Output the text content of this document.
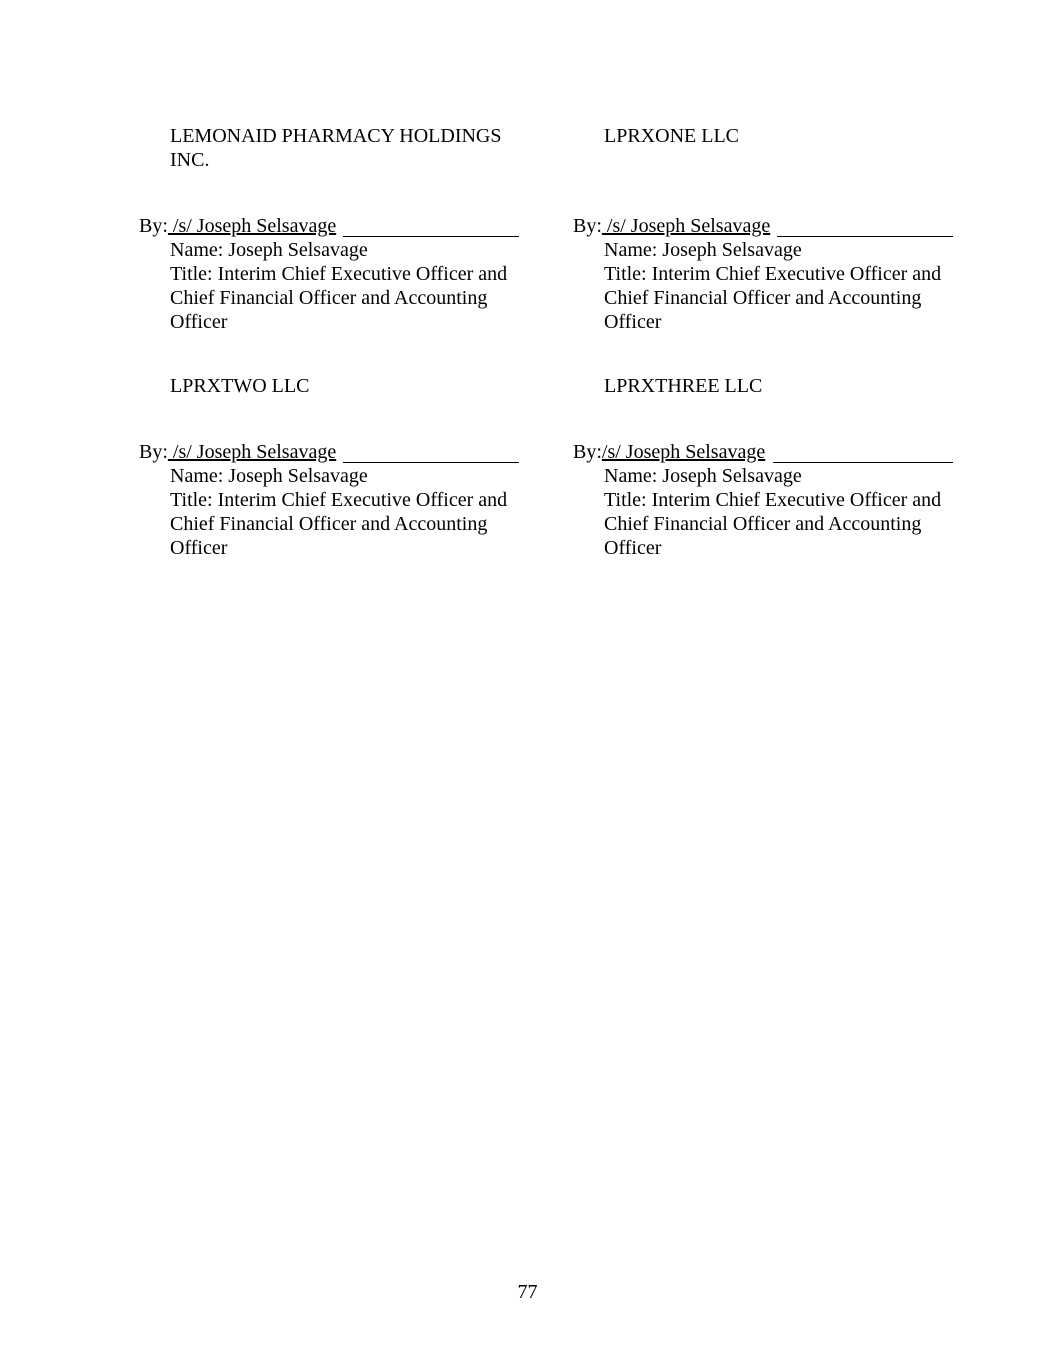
LEMONAID PHARMACY HOLDINGS INC.
By: /s/ Joseph Selsavage
Name: Joseph Selsavage
Title: Interim Chief Executive Officer and Chief Financial Officer and Accounting Officer
LPRXONE LLC
By: /s/ Joseph Selsavage
Name: Joseph Selsavage
Title: Interim Chief Executive Officer and Chief Financial Officer and Accounting Officer
LPRXTWO LLC
By: /s/ Joseph Selsavage
Name: Joseph Selsavage
Title: Interim Chief Executive Officer and Chief Financial Officer and Accounting Officer
LPRXTHREE LLC
By:/s/ Joseph Selsavage
Name: Joseph Selsavage
Title: Interim Chief Executive Officer and Chief Financial Officer and Accounting Officer
77
